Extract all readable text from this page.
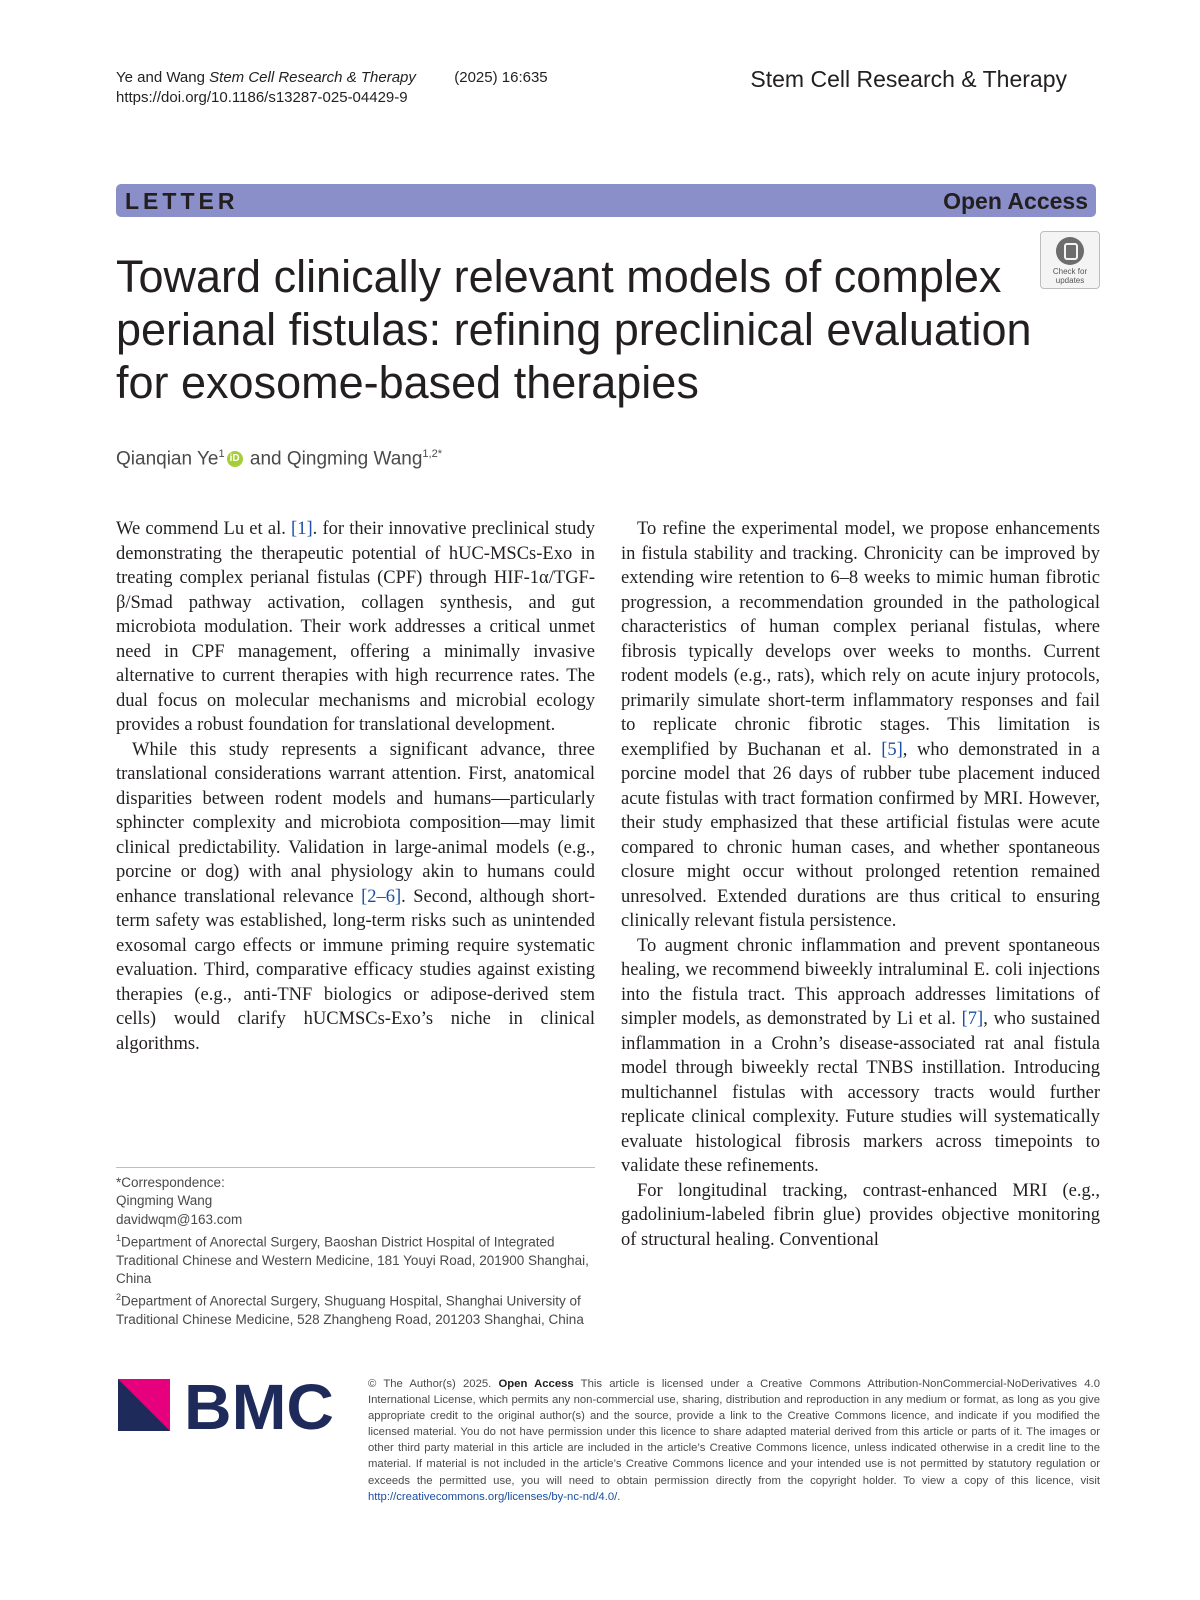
Ye and Wang Stem Cell Research & Therapy	(2025) 16:635
https://doi.org/10.1186/s13287-025-04429-9
Stem Cell Research & Therapy
LETTER	Open Access
Check for
updates
Toward clinically relevant models of complex perianal fistulas: refining preclinical evaluation for exosome-based therapies
Qianqian Ye$^1$ iD and Qingming Wang$^{1,2*}$

We commend Lu et al. [1]. for their innovative preclinical study demonstrating the therapeutic potential of hUC-MSCs-Exo in treating complex perianal fistulas (CPF) through HIF-1α/TGF-β/Smad pathway activation, collagen synthesis, and gut microbiota modulation. Their work addresses a critical unmet need in CPF management, offering a minimally invasive alternative to current therapies with high recurrence rates. The dual focus on molecular mechanisms and microbial ecology provides a robust foundation for translational development.

While this study represents a significant advance, three translational considerations warrant attention. First, anatomical disparities between rodent models and humans—particularly sphincter complexity and microbiota composition—may limit clinical predictability. Validation in large-animal models (e.g., porcine or dog) with anal physiology akin to humans could enhance translational relevance [2–6]. Second, although short-term safety was established, long-term risks such as unintended exosomal cargo effects or immune priming require systematic evaluation. Third, comparative efficacy studies against existing therapies (e.g., anti-TNF biologics or adipose-derived stem cells) would clarify hUCMSCs-Exo’s niche in clinical algorithms.

To refine the experimental model, we propose enhancements in fistula stability and tracking. Chronicity can be improved by extending wire retention to 6–8 weeks to mimic human fibrotic progression, a recommendation grounded in the pathological characteristics of human complex perianal fistulas, where fibrosis typically develops over weeks to months. Current rodent models (e.g., rats), which rely on acute injury protocols, primarily simulate short-term inflammatory responses and fail to replicate chronic fibrotic stages. This limitation is exemplified by Buchanan et al. [5], who demonstrated in a porcine model that 26 days of rubber tube placement induced acute fistulas with tract formation confirmed by MRI. However, their study emphasized that these artificial fistulas were acute compared to chronic human cases, and whether spontaneous closure might occur without prolonged retention remained unresolved. Extended durations are thus critical to ensuring clinically relevant fistula persistence.

To augment chronic inflammation and prevent spontaneous healing, we recommend biweekly intraluminal E. coli injections into the fistula tract. This approach addresses limitations of simpler models, as demonstrated by Li et al. [7], who sustained inflammation in a Crohn’s disease-associated rat anal fistula model through biweekly rectal TNBS instillation. Introducing multichannel fistulas with accessory tracts would further replicate clinical complexity. Future studies will systematically evaluate histological fibrosis markers across timepoints to validate these refinements.

For longitudinal tracking, contrast-enhanced MRI (e.g., gadolinium-labeled fibrin glue) provides objective monitoring of structural healing. Conventional

*Correspondence:
Qingming Wang
davidwqm@163.com
$^1$Department of Anorectal Surgery, Baoshan District Hospital of Integrated Traditional Chinese and Western Medicine, 181 Youyi Road, 201900 Shanghai, China
$^2$Department of Anorectal Surgery, Shuguang Hospital, Shanghai University of Traditional Chinese Medicine, 528 Zhangheng Road, 201203 Shanghai, China
BMC	© The Author(s) 2025. Open Access This article is licensed under a Creative Commons Attribution-NonCommercial-NoDerivatives 4.0 International License, which permits any non-commercial use, sharing, distribution and reproduction in any medium or format, as long as you give appropriate credit to the original author(s) and the source, provide a link to the Creative Commons licence, and indicate if you modified the licensed material. You do not have permission under this licence to share adapted material derived from this article or parts of it. The images or other third party material in this article are included in the article’s Creative Commons licence, unless indicated otherwise in a credit line to the material. If material is not included in the article’s Creative Commons licence and your intended use is not permitted by statutory regulation or exceeds the permitted use, you will need to obtain permission directly from the copyright holder. To view a copy of this licence, visit http://creativecommons.org/licenses/by-nc-nd/4.0/.
